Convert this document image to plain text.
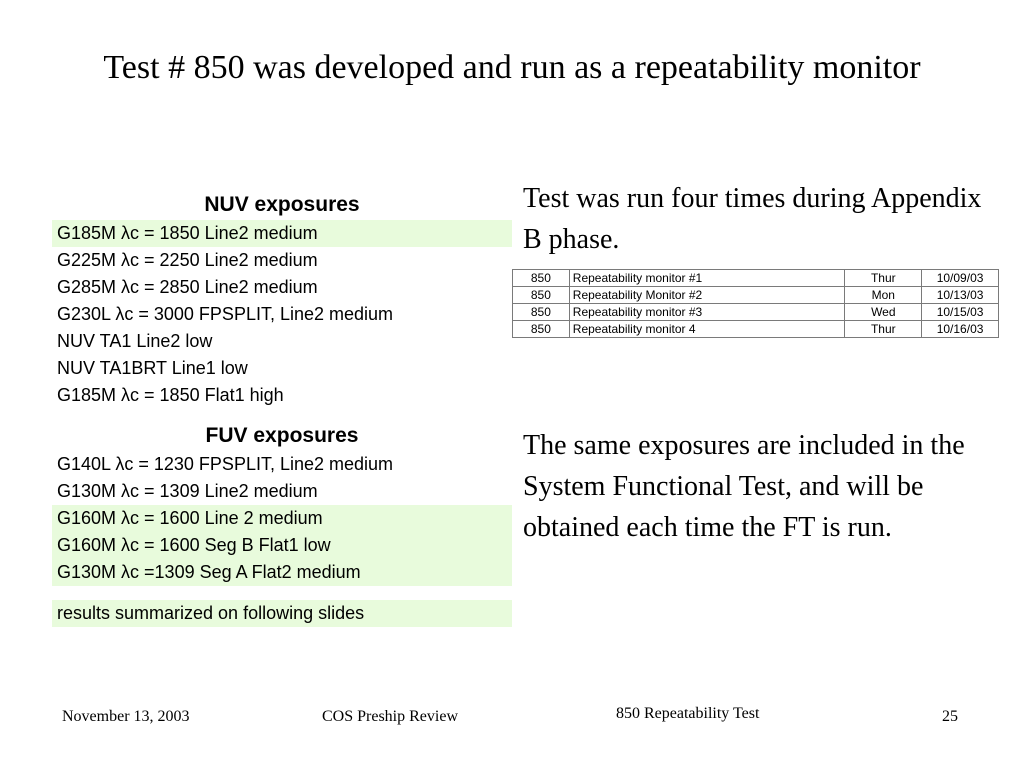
Test # 850 was developed and run as a repeatability monitor
NUV exposures
G185M λc = 1850 Line2 medium
G225M λc = 2250 Line2 medium
G285M λc = 2850 Line2 medium
G230L λc = 3000 FPSPLIT, Line2 medium
NUV TA1 Line2 low
NUV TA1BRT Line1 low
G185M λc = 1850 Flat1 high
FUV exposures
G140L λc = 1230 FPSPLIT, Line2 medium
G130M λc = 1309 Line2 medium
G160M λc = 1600 Line 2 medium
G160M λc = 1600 Seg B Flat1 low
G130M λc =1309 Seg A Flat2 medium
results summarized on following slides
Test was run four times during Appendix B phase.
850	Repeatability monitor #1	Thur	10/09/03
850	Repeatability Monitor #2	Mon	10/13/03
850	Repeatability monitor #3	Wed	10/15/03
850	Repeatability monitor 4	Thur	10/16/03
The same exposures are included in the System Functional Test, and will be obtained each time the FT is run.
November 13, 2003	COS Preship Review	850 Repeatability Test	25
